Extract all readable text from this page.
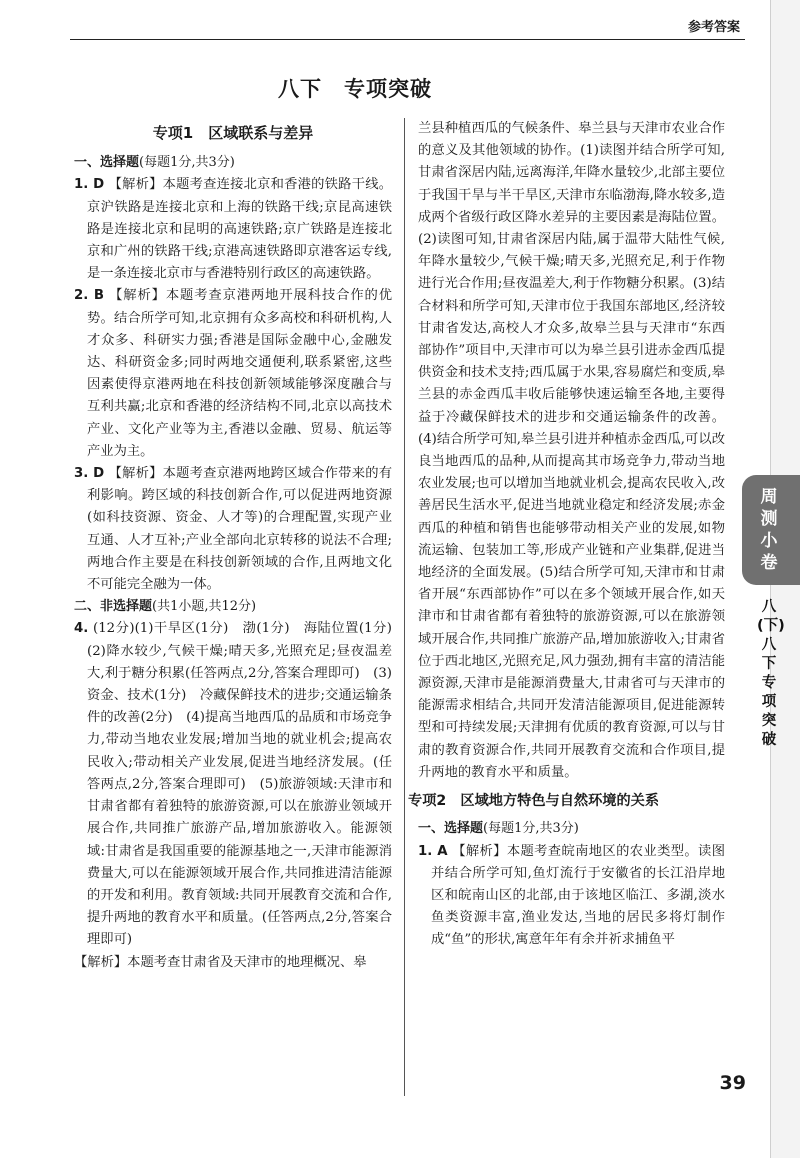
参考答案
八下　专项突破
专项1　区域联系与差异
一、选择题(每题1分,共3分)

1. D 【解析】本题考查连接北京和香港的铁路干线。京沪铁路是连接北京和上海的铁路干线;京昆高速铁路是连接北京和昆明的高速铁路;京广铁路是连接北京和广州的铁路干线;京港高速铁路即京港客运专线,是一条连接北京市与香港特别行政区的高速铁路。

2. B 【解析】本题考查京港两地开展科技合作的优势。结合所学可知,北京拥有众多高校和科研机构,人才众多、科研实力强;香港是国际金融中心,金融发达、科研资金多;同时两地交通便利,联系紧密,这些因素使得京港两地在科技创新领域能够深度融合与互利共赢;北京和香港的经济结构不同,北京以高技术产业、文化产业等为主,香港以金融、贸易、航运等产业为主。

3. D 【解析】本题考查京港两地跨区域合作带来的有利影响。跨区域的科技创新合作,可以促进两地资源(如科技资源、资金、人才等)的合理配置,实现产业互通、人才互补;产业全部向北京转移的说法不合理;两地合作主要是在科技创新领域的合作,且两地文化不可能完全融为一体。

二、非选择题(共1小题,共12分)

4. (12分)(1)干旱区(1分)　渤(1分)　海陆位置(1分)　(2)降水较少,气候干燥;晴天多,光照充足;昼夜温差大,利于糖分积累(任答两点,2分,答案合理即可)　(3)资金、技术(1分)　冷藏保鲜技术的进步;交通运输条件的改善(2分)　(4)提高当地西瓜的品质和市场竞争力,带动当地农业发展;增加当地的就业机会;提高农民收入;带动相关产业发展,促进当地经济发展。(任答两点,2分,答案合理即可)　(5)旅游领域:天津市和甘肃省都有着独特的旅游资源,可以在旅游业领域开展合作,共同推广旅游产品,增加旅游收入。能源领域:甘肃省是我国重要的能源基地之一,天津市能源消费量大,可以在能源领域开展合作,共同推进清洁能源的开发和利用。教育领域:共同开展教育交流和合作,提升两地的教育水平和质量。(任答两点,2分,答案合理即可)

【解析】本题考查甘肃省及天津市的地理概况、皋

兰县种植西瓜的气候条件、皋兰县与天津市农业合作的意义及其他领域的协作。(1)读图并结合所学可知,甘肃省深居内陆,远离海洋,年降水量较少,北部主要位于我国干旱与半干旱区,天津市东临渤海,降水较多,造成两个省级行政区降水差异的主要因素是海陆位置。(2)读图可知,甘肃省深居内陆,属于温带大陆性气候,年降水量较少,气候干燥;晴天多,光照充足,利于作物进行光合作用;昼夜温差大,利于作物糖分积累。(3)结合材料和所学可知,天津市位于我国东部地区,经济较甘肃省发达,高校人才众多,故皋兰县与天津市“东西部协作”项目中,天津市可以为皋兰县引进赤金西瓜提供资金和技术支持;西瓜属于水果,容易腐烂和变质,皋兰县的赤金西瓜丰收后能够快速运输至各地,主要得益于冷藏保鲜技术的进步和交通运输条件的改善。(4)结合所学可知,皋兰县引进并种植赤金西瓜,可以改良当地西瓜的品种,从而提高其市场竞争力,带动当地农业发展;也可以增加当地就业机会,提高农民收入,改善居民生活水平,促进当地就业稳定和经济发展;赤金西瓜的种植和销售也能够带动相关产业的发展,如物流运输、包装加工等,形成产业链和产业集群,促进当地经济的全面发展。(5)结合所学可知,天津市和甘肃省开展“东西部协作”可以在多个领域开展合作,如天津市和甘肃省都有着独特的旅游资源,可以在旅游领域开展合作,共同推广旅游产品,增加旅游收入;甘肃省位于西北地区,光照充足,风力强劲,拥有丰富的清洁能源资源,天津市是能源消费量大,甘肃省可与天津市的能源需求相结合,共同开发清洁能源项目,促进能源转型和可持续发展;天津拥有优质的教育资源,可以与甘肃的教育资源合作,共同开展教育交流和合作项目,提升两地的教育水平和质量。

专项2　区域地方特色与自然环境的关系
一、选择题(每题1分,共3分)

1. A 【解析】本题考查皖南地区的农业类型。读图并结合所学可知,鱼灯流行于安徽省的长江沿岸地区和皖南山区的北部,由于该地区临江、多湖,淡水鱼类资源丰富,渔业发达,当地的居民多将灯制作成“鱼”的形状,寓意年年有余并祈求捕鱼平

周测小卷
八(下)　八下　专项突破
39
